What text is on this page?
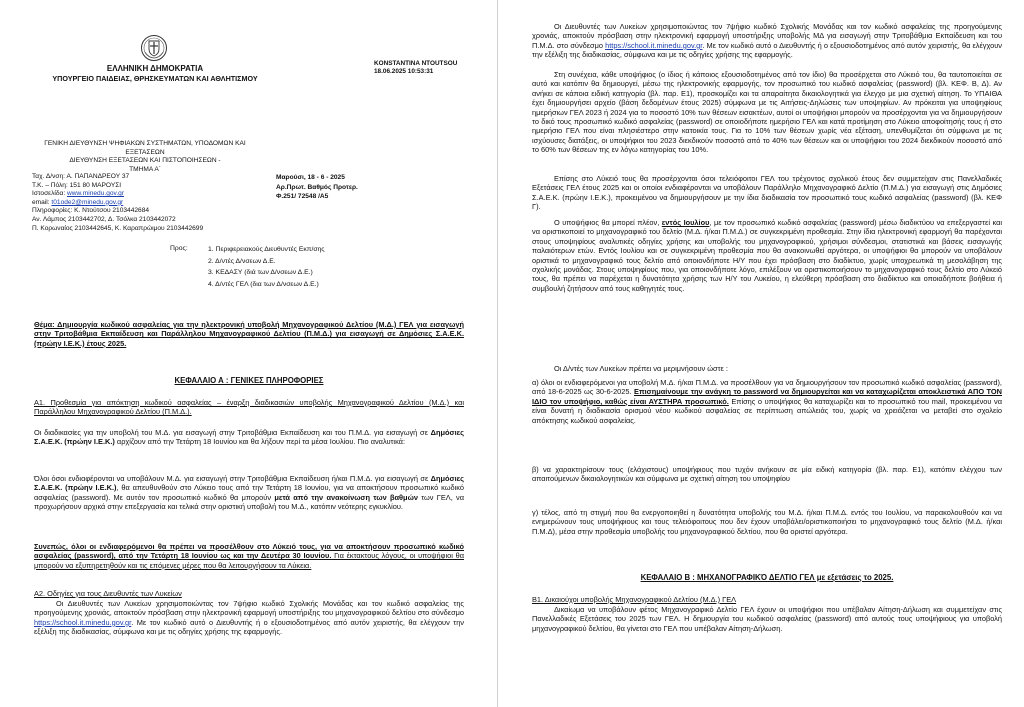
ΕΛΛΗΝΙΚΗ ΔΗΜΟΚΡΑΤΙΑ
ΥΠΟΥΡΓΕΙΟ ΠΑΙΔΕΙΑΣ, ΘΡΗΣΚΕΥΜΑΤΩΝ ΚΑΙ ΑΘΛΗΤΙΣΜΟΥ
KONSTANTINA NTOUTSOU
18.06.2025 10:53:31
ΓΕΝΙΚΗ ΔΙΕΥΘΥΝΣΗ ΨΗΦΙΑΚΩΝ ΣΥΣΤΗΜΑΤΩΝ, ΥΠΟΔΟΜΩΝ ΚΑΙ
ΕΞΕΤΑΣΕΩΝ
ΔΙΕΥΘΥΝΣΗ ΕΞΕΤΑΣΕΩΝ ΚΑΙ ΠΙΣΤΟΠΟΙΗΣΕΩΝ -
ΤΜΗΜΑ Α΄
Ταχ. Δ/νση: Α. ΠΑΠΑΝΔΡΕΟΥ 37
Τ.Κ. – Πόλη: 151 80 ΜΑΡΟΥΣΙ
Ιστοσελίδα: www.minedu.gov.gr
email: t01ode2@minedu.gov.gr
Πληροφορίες: Κ. Ντούτσου 2103442684
Αν. Λάμπος 2103442702, Δ. Τσόλκα 2103442072
Π. Κορωναίος 2103442645, Κ. Καραπρώιμου 2103442699
Μαρούσι, 18 - 6 - 2025
Αρ.Πρωτ. Βαθμός Προτερ.
Φ.251/ 72548 /Α5
Προς:	1. Περιφερειακούς Διευθυντές Εκπ/σης
2. Δ/ντές Δ/νσεων Δ.Ε.
3. ΚΕΔΑΣΥ (διά των Δ/νσεων Δ.Ε.)
4. Δ/ντές ΓΕΛ (δια των Δ/νσεων Δ.Ε.)
Θέμα: Δημιουργία κωδικού ασφαλείας για την ηλεκτρονική υποβολή Μηχανογραφικού Δελτίου (Μ.Δ.) ΓΕΛ για εισαγωγή στην Τριτοβάθμια Εκπαίδευση και Παράλληλου Μηχανογραφικού Δελτίου (Π.Μ.Δ.) για εισαγωγή σε Δημόσιες Σ.Α.Ε.Κ. (πρώην Ι.Ε.Κ.) έτους 2025.
ΚΕΦΑΛΑΙΟ Α : ΓΕΝΙΚΕΣ ΠΛΗΡΟΦΟΡΙΕΣ
Α1. Προθεσμία για απόκτηση κωδικού ασφαλείας – έναρξη διαδικασιών υποβολής Μηχανογραφικού Δελτίου (Μ.Δ.) και Παράλληλου Μηχανογραφικού Δελτίου (Π.Μ.Δ.).
Οι διαδικασίες για την υποβολή του Μ.Δ. για εισαγωγή στην Τριτοβάθμια Εκπαίδευση και του Π.Μ.Δ. για εισαγωγή σε Δημόσιες Σ.Α.Ε.Κ. (πρώην Ι.Ε.Κ.) αρχίζουν από την Τετάρτη 18 Ιουνίου και θα λήξουν περί τα μέσα Ιουλίου. Πιο αναλυτικά:
Όλοι όσοι ενδιαφέρονται να υποβάλουν Μ.Δ. για εισαγωγή στην Τριτοβάθμια Εκπαίδευση ή/και Π.Μ.Δ. για εισαγωγή σε Δημόσιες Σ.Α.Ε.Κ. (πρώην Ι.Ε.Κ.), θα απευθυνθούν στο Λύκειο τους από την Τετάρτη 18 Ιουνίου, για να αποκτήσουν προσωπικό κωδικό ασφαλείας (password). Με αυτόν τον προσωπικό κωδικό θα μπορούν μετά από την ανακοίνωση των βαθμών των ΓΕΛ, να προχωρήσουν αρχικά στην επεξεργασία και τελικά στην οριστική υποβολή του Μ.Δ., κατόπιν νεότερης εγκυκλίου.
Συνεπώς, όλοι οι ενδιαφερόμενοι θα πρέπει να προσέλθουν στο Λύκειό τους, για να αποκτήσουν προσωπικό κωδικό ασφαλείας (password), από την Τετάρτη 18 Ιουνίου ως και την Δευτέρα 30 Ιουνίου. Για έκτακτους λόγους, οι υποψήφιοι θα μπορούν να εξυπηρετηθούν και τις επόμενες μέρες που θα λειτουργήσουν τα Λύκεια.
Α2. Οδηγίες για τους Διευθυντές των Λυκείων
Οι Διευθυντές των Λυκείων χρησιμοποιώντας τον 7ψήφιο κωδικό Σχολικής Μονάδας και τον κωδικό ασφαλείας της προηγούμενης χρονιάς, αποκτούν πρόσβαση στην ηλεκτρονική εφαρμογή υποστήριξης του μηχανογραφικού δελτίου στο σύνδεσμο https://school.it.minedu.gov.gr. Με τον κωδικό αυτό ο Διευθυντής ή ο εξουσιοδοτημένος από αυτόν χειριστής, θα ελέγχουν την εξέλιξη της διαδικασίας, σύμφωνα και με τις οδηγίες χρήσης της εφαρμογής.
Οι Διευθυντές των Λυκείων χρησιμοποιώντας τον 7ψήφιο κωδικό Σχολικής Μονάδας και τον κωδικό ασφαλείας της προηγούμενης χρονιάς, αποκτούν πρόσβαση στην ηλεκτρονική εφαρμογή υποστήριξης υποβολής ΜΔ για εισαγωγή στην Τριτοβάθμια Εκπαίδευση και του Π.Μ.Δ. στο σύνδεσμο https://school.it.minedu.gov.gr. Με τον κωδικό αυτό ο Διευθυντής ή ο εξουσιοδοτημένος από αυτόν χειριστής, θα ελέγχουν την εξέλιξη της διαδικασίας, σύμφωνα και με τις οδηγίες χρήσης της εφαρμογής.
Στη συνέχεια, κάθε υποψήφιος (ο ίδιος ή κάποιος εξουσιοδοτημένος από τον ίδιο) θα προσέρχεται στο Λύκειό του, θα ταυτοποιείται σε αυτό και κατόπιν θα δημιουργεί, μέσω της ηλεκτρονικής εφαρμογής, τον προσωπικό του κωδικό ασφαλείας (password) (βλ. ΚΕΦ. Β, Δ). Αν ανήκει σε κάποια ειδική κατηγορία (βλ. παρ. Ε1), προσκομίζει και τα απαραίτητα δικαιολογητικά για έλεγχο με μια σχετική αίτηση. Το ΥΠΑΙΘΑ έχει δημιουργήσει αρχείο (βάση δεδομένων έτους 2025) σύμφωνα με τις Αιτήσεις-Δηλώσεις των υποψηφίων. Αν πρόκειται για υποψηφίους ημερήσιων ΓΕΛ 2023 ή 2024 για το ποσοστό 10% των θέσεων εισακτέων, αυτοί οι υποψήφιοι μπορούν να προσέρχονται για να δημιουργήσουν το δικό τους προσωπικό κωδικό ασφαλείας (password) σε οποιοδήποτε ημερήσιο ΓΕΛ και κατά προτίμηση στο Λύκειο αποφοίτησής τους ή στο ημερήσιο ΓΕΛ που είναι πλησιέστερο στην κατοικία τους. Για το 10% των θέσεων χωρίς νέα εξέταση, υπενθυμίζεται ότι σύμφωνα με τις ισχύουσες διατάξεις, οι υποψήφιοι του 2023 διεκδικούν ποσοστό από το 40% των θέσεων και οι υποψήφιοι του 2024 διεκδικούν ποσοστό από το 60% των θέσεων της εν λόγω κατηγορίας του 10%.
Επίσης στο Λύκειό τους θα προσέρχονται όσοι τελειόφοιτοι ΓΕΛ του τρέχοντος σχολικού έτους δεν συμμετείχαν στις Πανελλαδικές Εξετάσεις ΓΕΛ έτους 2025 και οι οποίοι ενδιαφέρονται να υποβάλουν Παράλληλο Μηχανογραφικό Δελτίο (Π.Μ.Δ.) για εισαγωγή στις Δημόσιες Σ.Α.Ε.Κ. (πρώην Ι.Ε.Κ.), προκειμένου να δημιουργήσουν με την ίδια διαδικασία τον προσωπικό τους κωδικό ασφαλείας (password) (βλ. ΚΕΦ Γ).
Ο υποψήφιος θα μπορεί πλέον, εντός Ιουλίου, με τον προσωπικό κωδικό ασφαλείας (password) μέσω διαδικτύου να επεξεργαστεί και να οριστικοποιεί το μηχανογραφικό του δελτίο (Μ.Δ. ή/και Π.Μ.Δ.) σε συγκεκριμένη προθεσμία. Στην ίδια ηλεκτρονική εφαρμογή θα παρέχονται στους υποψηφίους αναλυτικές οδηγίες χρήσης και υποβολής του μηχανογραφικού, χρήσιμοι σύνδεσμοι, στατιστικά και βάσεις εισαγωγής παλαιότερων ετών. Εντός Ιουλίου και σε συγκεκριμένη προθεσμία που θα ανακοινωθεί αργότερα, οι υποψήφιοι θα μπορούν να υποβάλουν οριστικά το μηχανογραφικό τους δελτίο από οποιονδήποτε Η/Υ που έχει πρόσβαση στο διαδίκτυο, χωρίς υποχρεωτικά τη μεσολάβηση της σχολικής μονάδας. Στους υποψηφίους που, για οποιονδήποτε λόγο, επιλέξουν να οριστικοποιήσουν το μηχανογραφικό τους δελτίο στο Λύκειό τους, θα πρέπει να παρέχεται η δυνατότητα χρήσης των Η/Υ του Λυκείου, η ελεύθερη πρόσβαση στο διαδίκτυο και οποιαδήποτε βοήθεια ή συμβουλή ζητήσουν από τους καθηγητές τους.
Οι Δ/ντές των Λυκείων πρέπει να μεριμνήσουν ώστε :
α) όλοι οι ενδιαφερόμενοι για υποβολή Μ.Δ. ή/και Π.Μ.Δ. να προσέλθουν για να δημιουργήσουν τον προσωπικό κωδικό ασφαλείας (password), από 18-6-2025 ως 30-6-2025. Επισημαίνουμε την ανάγκη το password να δημιουργείται και να καταχωρίζεται αποκλειστικά ΑΠΟ ΤΟΝ ΙΔΙΟ τον υποψήφιο, καθώς είναι ΑΥΣΤΗΡΑ προσωπικό. Επίσης ο υποψήφιος θα καταχωρίζει και το προσωπικό του mail, προκειμένου να είναι δυνατή η διαδικασία ορισμού νέου κωδικού ασφαλείας σε περίπτωση απώλειάς του, χωρίς να χρειάζεται να μεταβεί στο σχολείο απόκτησης κωδικού ασφαλείας.
β) να χαρακτηρίσουν τους (ελάχιστους) υποψήφιους που τυχόν ανήκουν σε μία ειδική κατηγορία (βλ. παρ. Ε1), κατόπιν ελέγχου των απαιτούμενων δικαιολογητικών και σύμφωνα με σχετική αίτηση του υποψηφίου
γ) τέλος, από τη στιγμή που θα ενεργοποιηθεί η δυνατότητα υποβολής του Μ.Δ. ή/και Π.Μ.Δ. εντός του Ιουλίου, να παρακολουθούν και να ενημερώνουν τους υποψήφιους και τους τελειόφοιτους που δεν έχουν υποβάλει/οριστικοποιήσει το μηχανογραφικό τους δελτίο (Μ.Δ. ή/και Π.Μ.Δ), μέσα στην προθεσμία υποβολής του μηχανογραφικού δελτίου, που θα οριστεί αργότερα.
ΚΕΦΑΛΑΙΟ Β : ΜΗΧΑΝΟΓΡΑΦΙΚΌ ΔΕΛΤΙΟ ΓΕΛ με εξετάσεις το 2025.
Β1. Δικαιούχοι υποβολής Μηχανογραφικού Δελτίου (Μ.Δ.) ΓΕΛ
Δικαίωμα να υποβάλουν φέτος Μηχανογραφικό Δελτίο ΓΕΛ έχουν οι υποψήφιοι που υπέβαλαν Αίτηση-Δήλωση και συμμετείχαν στις Πανελλαδικές Εξετάσεις του 2025 των ΓΕΛ. Η δημιουργία του κωδικού ασφαλείας (password) από αυτούς τους υποψήφιους για υποβολή μηχανογραφικού δελτίου, θα γίνεται στο ΓΕΛ που υπέβαλαν Αίτηση-Δήλωση.
